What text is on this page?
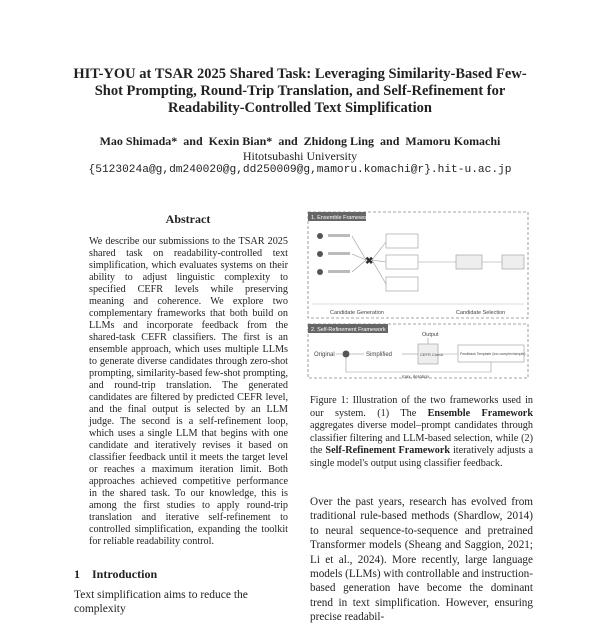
HIT-YOU at TSAR 2025 Shared Task: Leveraging Similarity-Based Few-Shot Prompting, Round-Trip Translation, and Self-Refinement for Readability-Controlled Text Simplification
Mao Shimada* and Kexin Bian* and Zhidong Ling and Mamoru Komachi
Hitotsubashi University
{5123024a@g,dm240020@g,dd250009@g,mamoru.komachi@r}.hit-u.ac.jp
Abstract
We describe our submissions to the TSAR 2025 shared task on readability-controlled text simplification, which evaluates systems on their ability to adjust linguistic complexity to specified CEFR levels while preserving meaning and coherence. We explore two complementary frameworks that both build on LLMs and incorporate feedback from the shared-task CEFR classifiers. The first is an ensemble approach, which uses multiple LLMs to generate diverse candidates through zero-shot prompting, similarity-based few-shot prompting, and round-trip translation. The generated candidates are filtered by predicted CEFR level, and the final output is selected by an LLM judge. The second is a self-refinement loop, which uses a single LLM that begins with one candidate and iteratively revises it based on classifier feedback until it meets the target level or reaches a maximum iteration limit. Both approaches achieved competitive performance in the shared task. To our knowledge, this is among the first studies to apply round-trip translation and iterative self-refinement to controlled simplification, expanding the toolkit for reliable readability control.
1 Introduction
Text simplification aims to reduce the complexity
1. Ensemble Framework
✖
Candidate Generation	Candidate Selection
2. Self-Refinement Framework
Output
Original	Simplified	CEFR Check	Feedback Template (too complex/simple)
max. iteration
Figure 1: Illustration of the two frameworks used in our system. (1) The Ensemble Framework aggregates diverse model–prompt candidates through classifier filtering and LLM-based selection, while (2) the Self-Refinement Framework iteratively adjusts a single model's output using classifier feedback.
Over the past years, research has evolved from traditional rule-based methods (Shardlow, 2014) to neural sequence-to-sequence and pretrained Transformer models (Sheang and Saggion, 2021; Li et al., 2024). More recently, large language models (LLMs) with controllable and instruction-based generation have become the dominant trend in text simplification. However, ensuring precise readabil-
